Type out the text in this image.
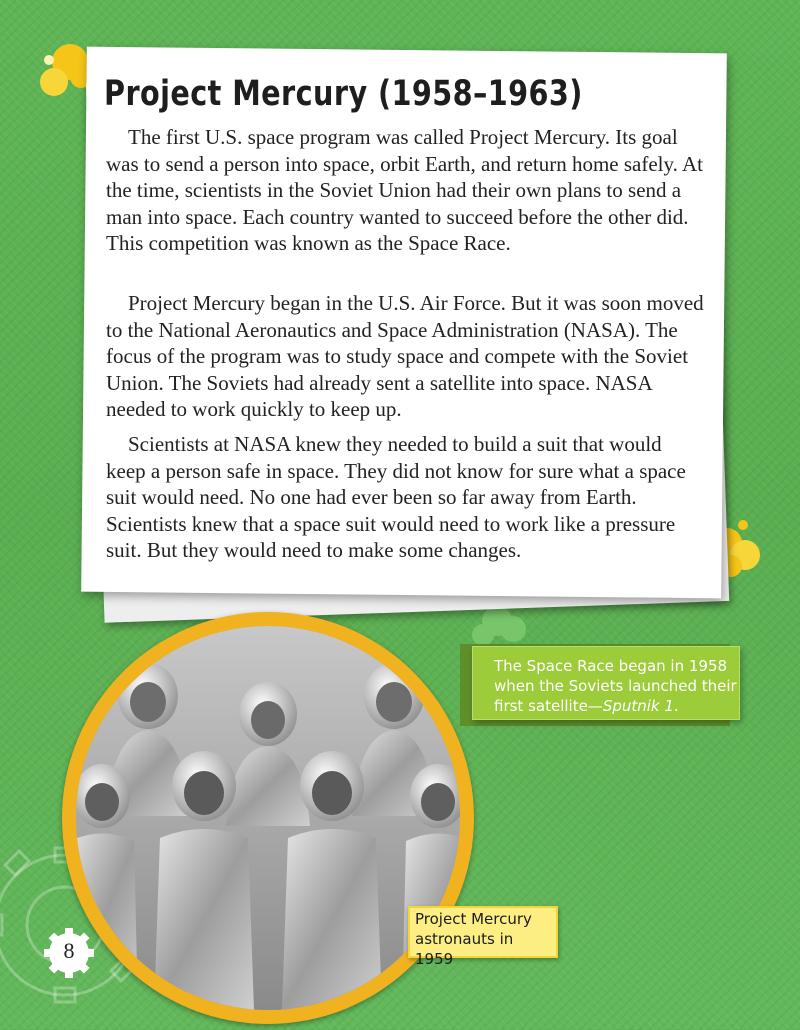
Project Mercury (1958–1963)

The first U.S. space program was called Project Mercury. Its goal was to send a person into space, orbit Earth, and return home safely. At the time, scientists in the Soviet Union had their own plans to send a man into space. Each country wanted to succeed before the other did. This competition was known as the Space Race.

Project Mercury began in the U.S. Air Force. But it was soon moved to the National Aeronautics and Space Administration (NASA). The focus of the program was to study space and compete with the Soviet Union. The Soviets had already sent a satellite into space. NASA needed to work quickly to keep up.

Scientists at NASA knew they needed to build a suit that would keep a person safe in space. They did not know for sure what a space suit would need. No one had ever been so far away from Earth. Scientists knew that a space suit would need to work like a pressure suit. But they would need to make some changes.

The Space Race began in 1958 when the Soviets launched their first satellite—Sputnik 1.

Project Mercury astronauts in 1959

8
